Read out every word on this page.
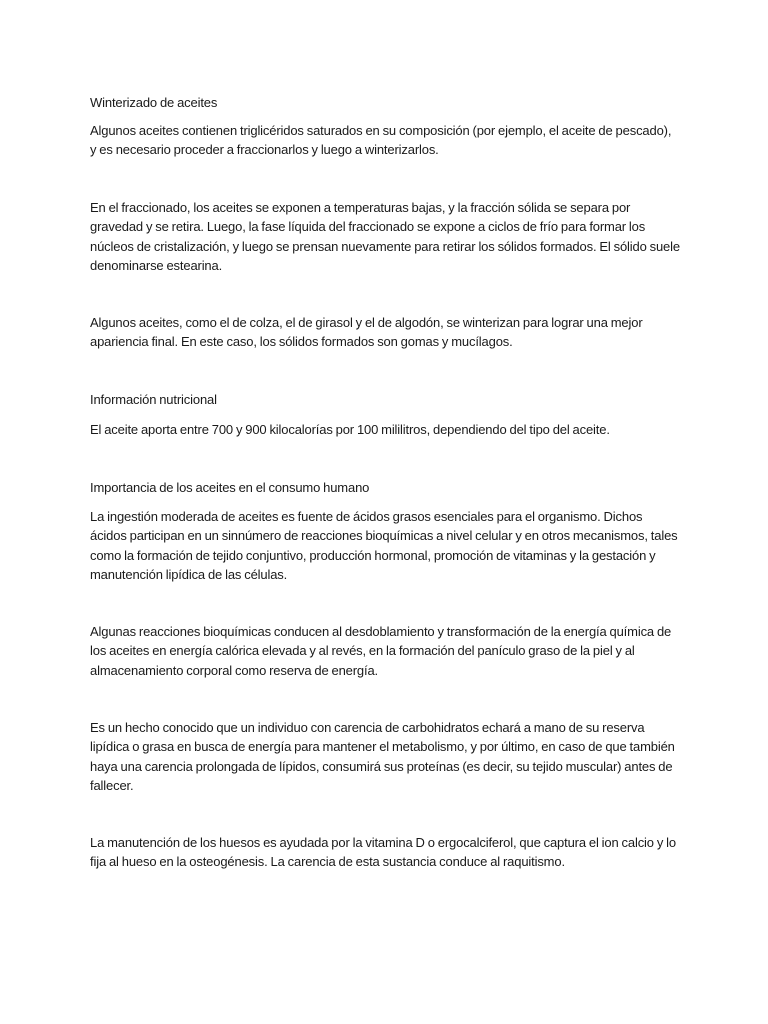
Winterizado de aceites
Algunos aceites contienen triglicéridos saturados en su composición (por ejemplo, el aceite de pescado), y es necesario proceder a fraccionarlos y luego a winterizarlos.
En el fraccionado, los aceites se exponen a temperaturas bajas, y la fracción sólida se separa por gravedad y se retira. Luego, la fase líquida del fraccionado se expone a ciclos de frío para formar los núcleos de cristalización, y luego se prensan nuevamente para retirar los sólidos formados. El sólido suele denominarse estearina.
Algunos aceites, como el de colza, el de girasol y el de algodón, se winterizan para lograr una mejor apariencia final. En este caso, los sólidos formados son gomas y mucílagos.
Información nutricional
El aceite aporta entre 700 y 900 kilocalorías por 100 mililitros, dependiendo del tipo del aceite.
Importancia de los aceites en el consumo humano
La ingestión moderada de aceites es fuente de ácidos grasos esenciales para el organismo. Dichos ácidos participan en un sinnúmero de reacciones bioquímicas a nivel celular y en otros mecanismos, tales como la formación de tejido conjuntivo, producción hormonal, promoción de vitaminas y la gestación y manutención lipídica de las células.
Algunas reacciones bioquímicas conducen al desdoblamiento y transformación de la energía química de los aceites en energía calórica elevada y al revés, en la formación del panículo graso de la piel y al almacenamiento corporal como reserva de energía.
Es un hecho conocido que un individuo con carencia de carbohidratos echará a mano de su reserva lipídica o grasa en busca de energía para mantener el metabolismo, y por último, en caso de que también haya una carencia prolongada de lípidos, consumirá sus proteínas (es decir, su tejido muscular) antes de fallecer.
La manutención de los huesos es ayudada por la vitamina D o ergocalciferol, que captura el ion calcio y lo fija al hueso en la osteogénesis. La carencia de esta sustancia conduce al raquitismo.
